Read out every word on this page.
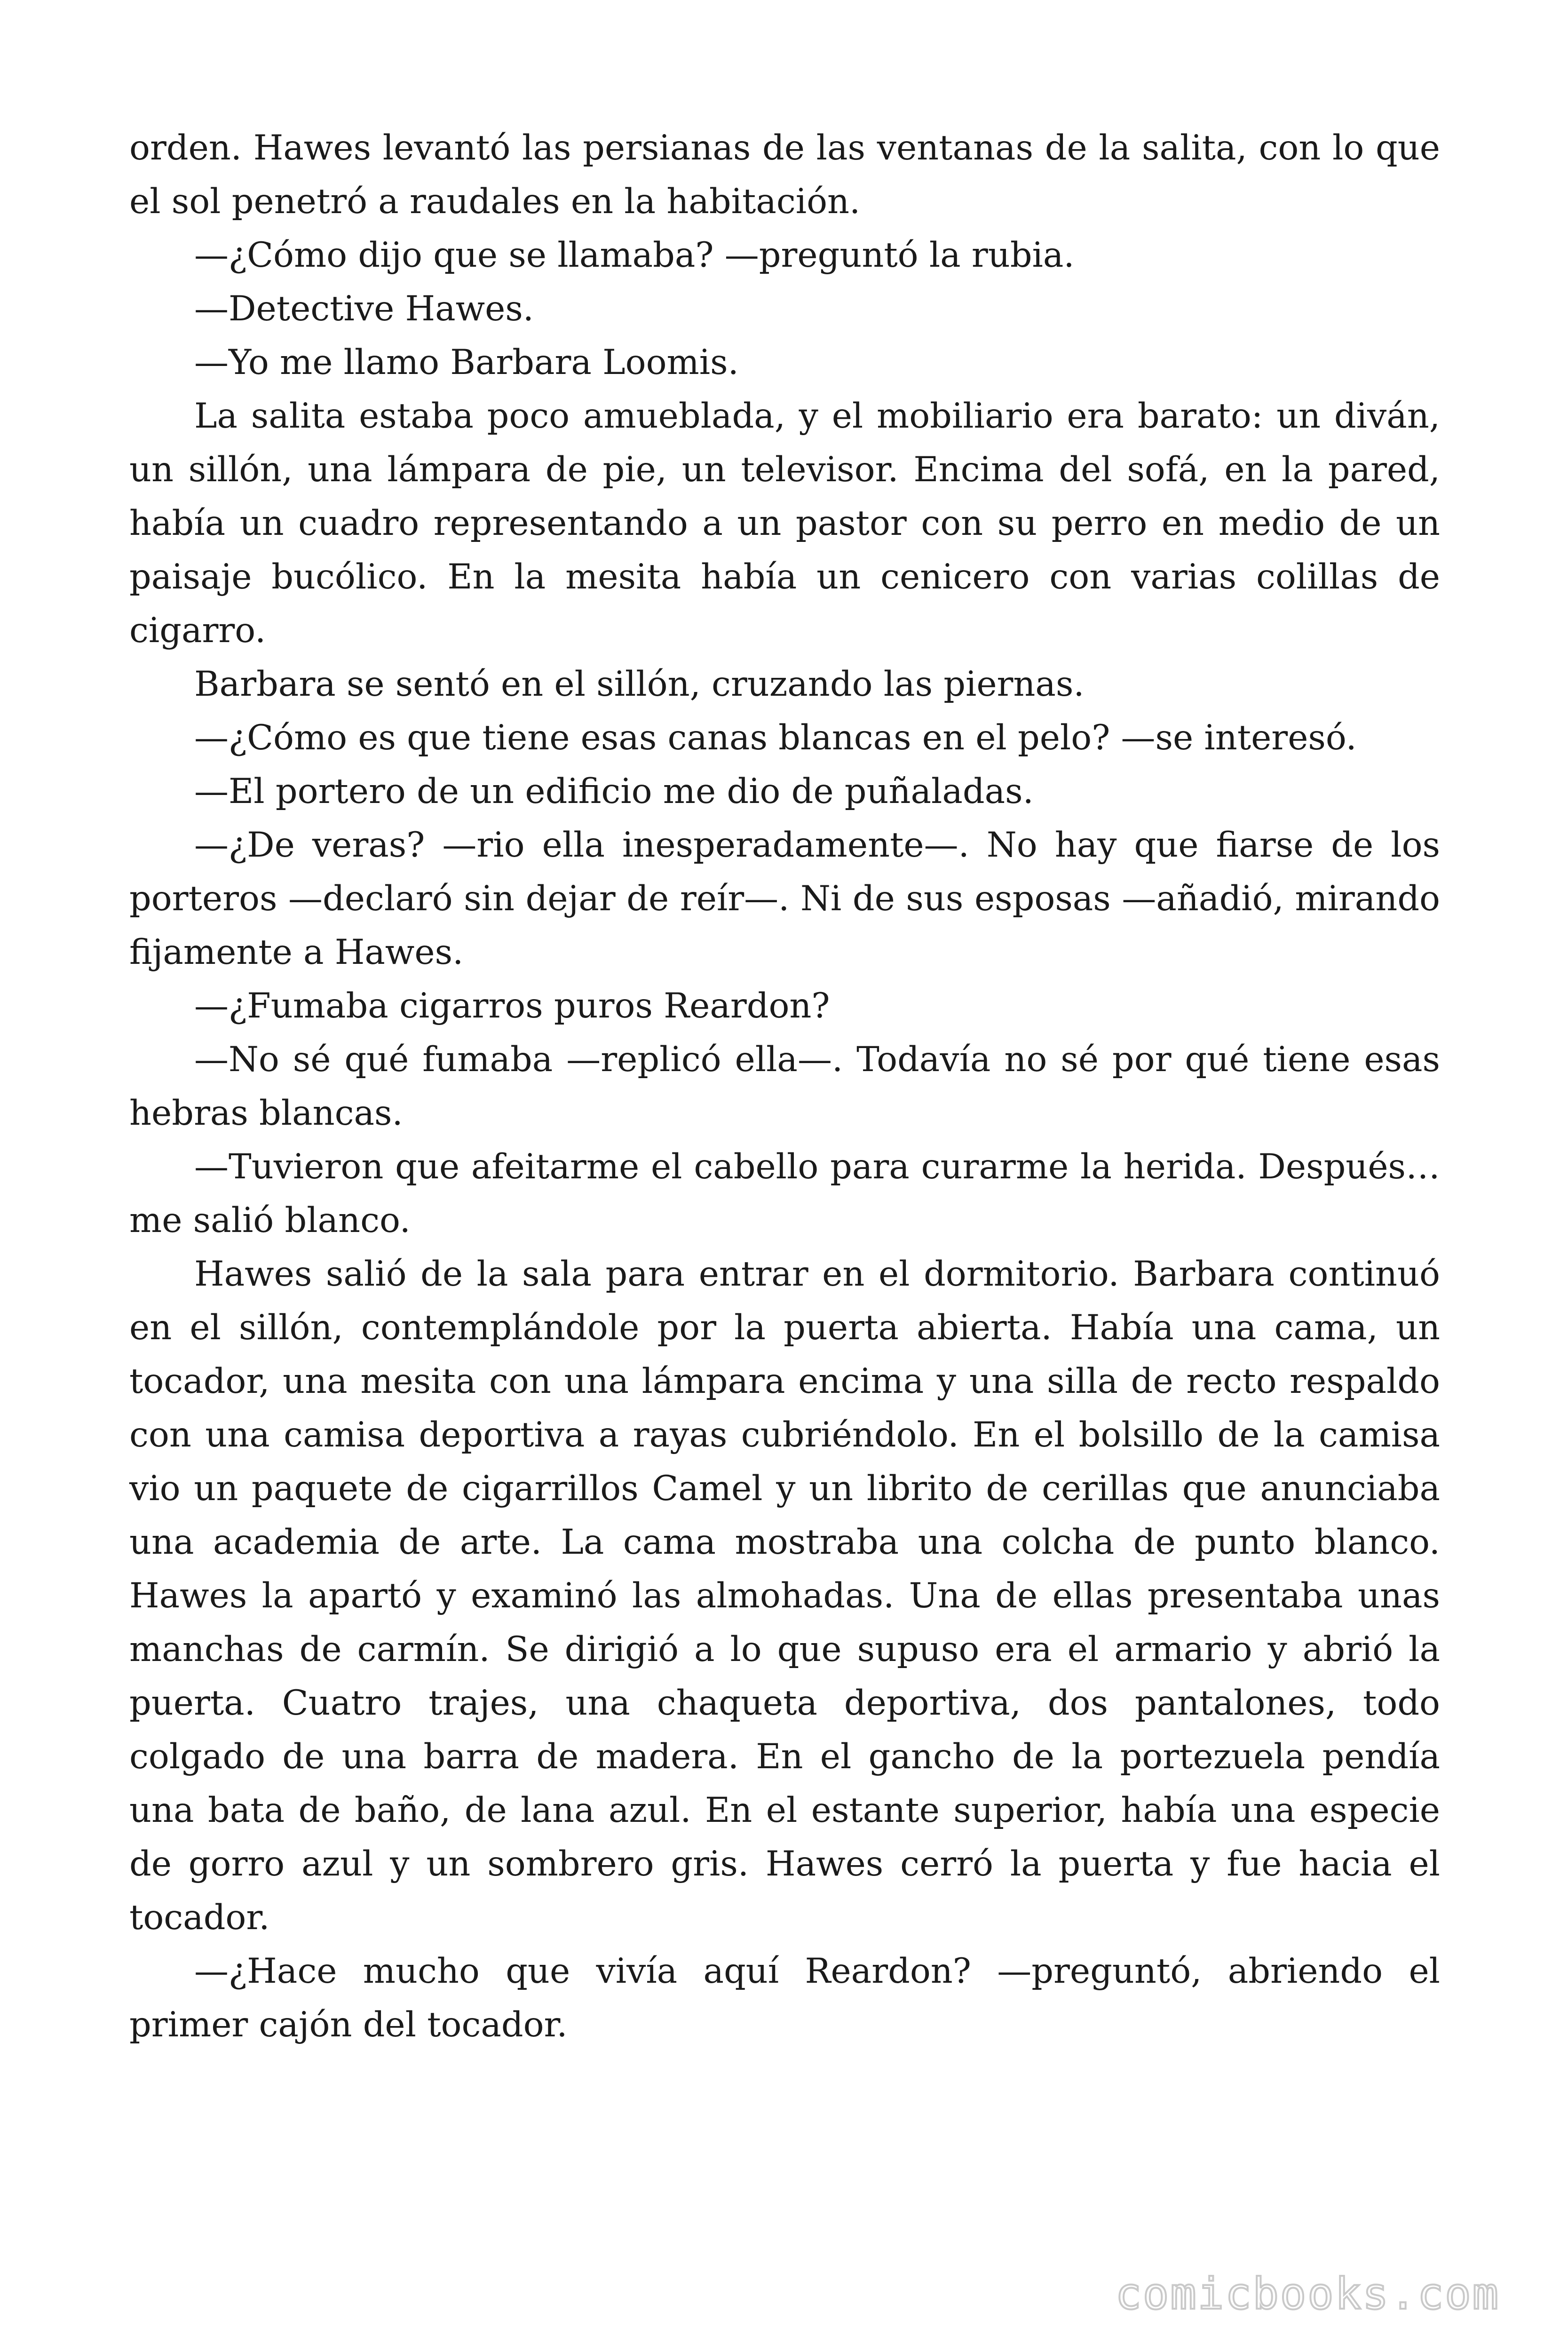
orden. Hawes levantó las persianas de las ventanas de la salita, con lo que el sol penetró a raudales en la habitación.

—¿Cómo dijo que se llamaba? —preguntó la rubia.

—Detective Hawes.

—Yo me llamo Barbara Loomis.

La salita estaba poco amueblada, y el mobiliario era barato: un diván, un sillón, una lámpara de pie, un televisor. Encima del sofá, en la pared, había un cuadro representando a un pastor con su perro en medio de un paisaje bucólico. En la mesita había un cenicero con varias colillas de cigarro.

Barbara se sentó en el sillón, cruzando las piernas.

—¿Cómo es que tiene esas canas blancas en el pelo? —se interesó.

—El portero de un edificio me dio de puñaladas.

—¿De veras? —rio ella inesperadamente—. No hay que fiarse de los porteros —declaró sin dejar de reír—. Ni de sus esposas —añadió, mirando fijamente a Hawes.

—¿Fumaba cigarros puros Reardon?

—No sé qué fumaba —replicó ella—. Todavía no sé por qué tiene esas hebras blancas.

—Tuvieron que afeitarme el cabello para curarme la herida. Después… me salió blanco.

Hawes salió de la sala para entrar en el dormitorio. Barbara continuó en el sillón, contemplándole por la puerta abierta. Había una cama, un tocador, una mesita con una lámpara encima y una silla de recto respaldo con una camisa deportiva a rayas cubriéndolo. En el bolsillo de la camisa vio un paquete de cigarrillos Camel y un librito de cerillas que anunciaba una academia de arte. La cama mostraba una colcha de punto blanco. Hawes la apartó y examinó las almohadas. Una de ellas presentaba unas manchas de carmín. Se dirigió a lo que supuso era el armario y abrió la puerta. Cuatro trajes, una chaqueta deportiva, dos pantalones, todo colgado de una barra de madera. En el gancho de la portezuela pendía una bata de baño, de lana azul. En el estante superior, había una especie de gorro azul y un sombrero gris. Hawes cerró la puerta y fue hacia el tocador.

—¿Hace mucho que vivía aquí Reardon? —preguntó, abriendo el primer cajón del tocador.

comicbooks.com
